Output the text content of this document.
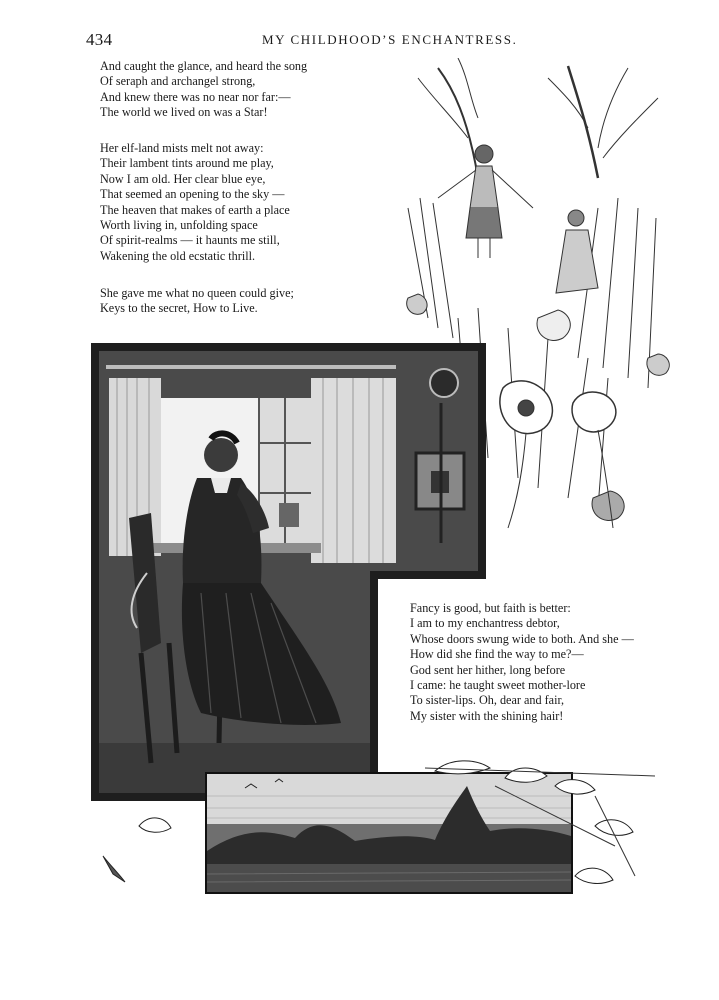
434	MY CHILDHOOD’S ENCHANTRESS.
And caught the glance, and heard the song
Of seraph and archangel strong,
And knew there was no near nor far:—
The world we lived on was a Star!
Her elf-land mists melt not away:
Their lambent tints around me play,
Now I am old. Her clear blue eye,
That seemed an opening to the sky —
The heaven that makes of earth a place
Worth living in, unfolding space
Of spirit-realms — it haunts me still,
Wakening the old ecstatic thrill.
She gave me what no queen could give;
Keys to the secret, How to Live.
Fancy is good, but faith is better:
I am to my enchantress debtor,
Whose doors swung wide to both. And she —
How did she find the way to me?—
God sent her hither, long before
I came: he taught sweet mother-lore
To sister-lips. Oh, dear and fair,
My sister with the shining hair!
